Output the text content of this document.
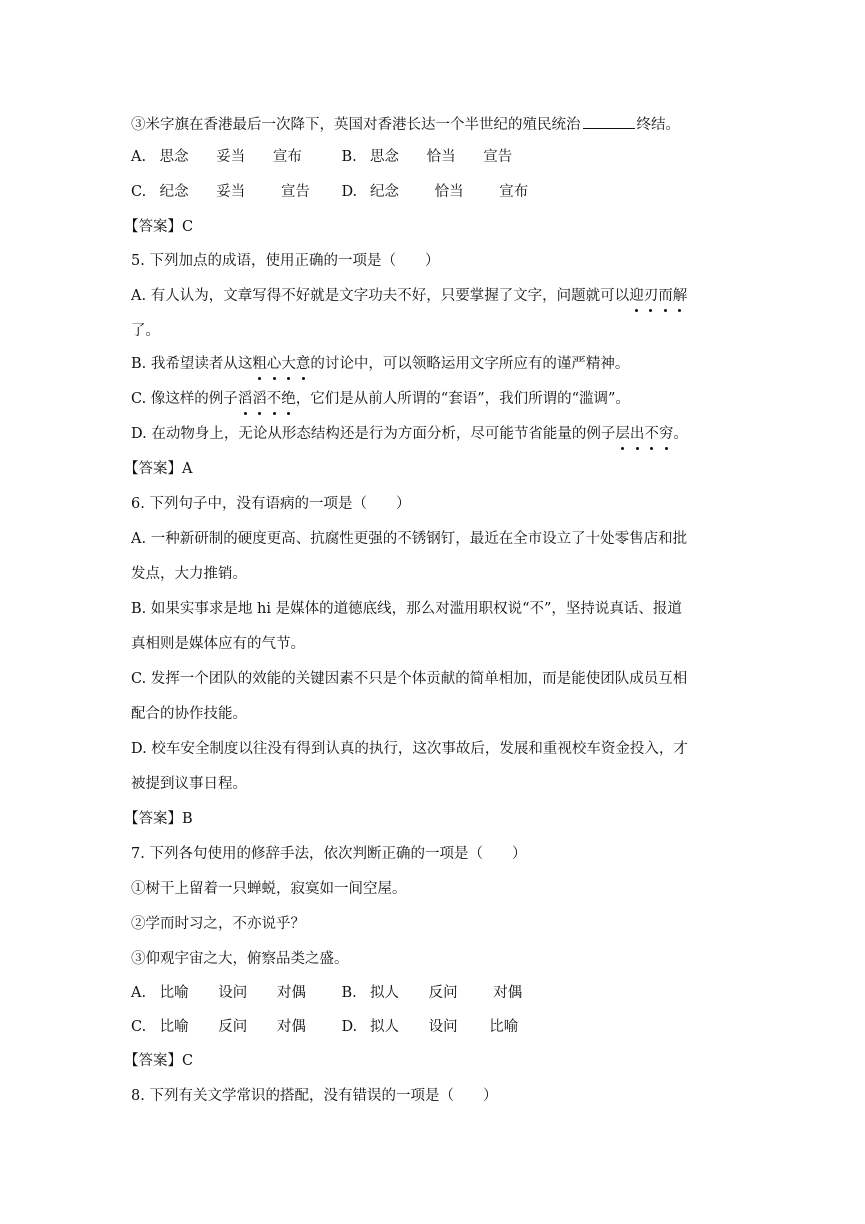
③米字旗在香港最后一次降下，英国对香港长达一个半世纪的殖民统治	终结。
A. 思念 妥当 宣布	B. 思念 恰当 宣告
C. 纪念 妥当 宣告 D. 纪念 恰当 宣布
【答案】C
5. 下列加点的成语，使用正确的一项是（　　）
A. 有人认为，文章写得不好就是文字功夫不好，只要掌握了文字，问题就可以迎刃而解
了。
B. 我希望读者从这粗心大意的讨论中，可以领略运用文字所应有的谨严精神。
C. 像这样的例子滔滔不绝，它们是从前人所谓的“套语”，我们所谓的“滥调”。
D. 在动物身上，无论从形态结构还是行为方面分析，尽可能节省能量的例子层出不穷。
【答案】A
6. 下列句子中，没有语病的一项是（　　）
A. 一种新研制的硬度更高、抗腐性更强的不锈钢钉，最近在全市设立了十处零售店和批
发点，大力推销。
B. 如果实事求是地 hi 是媒体的道德底线，那么对滥用职权说“不”，坚持说真话、报道
真相则是媒体应有的气节。
C. 发挥一个团队的效能的关键因素不只是个体贡献的简单相加，而是能使团队成员互相
配合的协作技能。
D. 校车安全制度以往没有得到认真的执行，这次事故后，发展和重视校车资金投入，才
被提到议事日程。
【答案】B
7. 下列各句使用的修辞手法，依次判断正确的一项是（　　）
①树干上留着一只蝉蜕，寂寞如一间空屋。
②学而时习之，不亦说乎？
③仰观宇宙之大，俯察品类之盛。
A. 比喻 设问 对偶 B. 拟人 反问 对偶
C. 比喻 反问 对偶 D. 拟人 设问 比喻
【答案】C
8. 下列有关文学常识的搭配，没有错误的一项是（　　）
